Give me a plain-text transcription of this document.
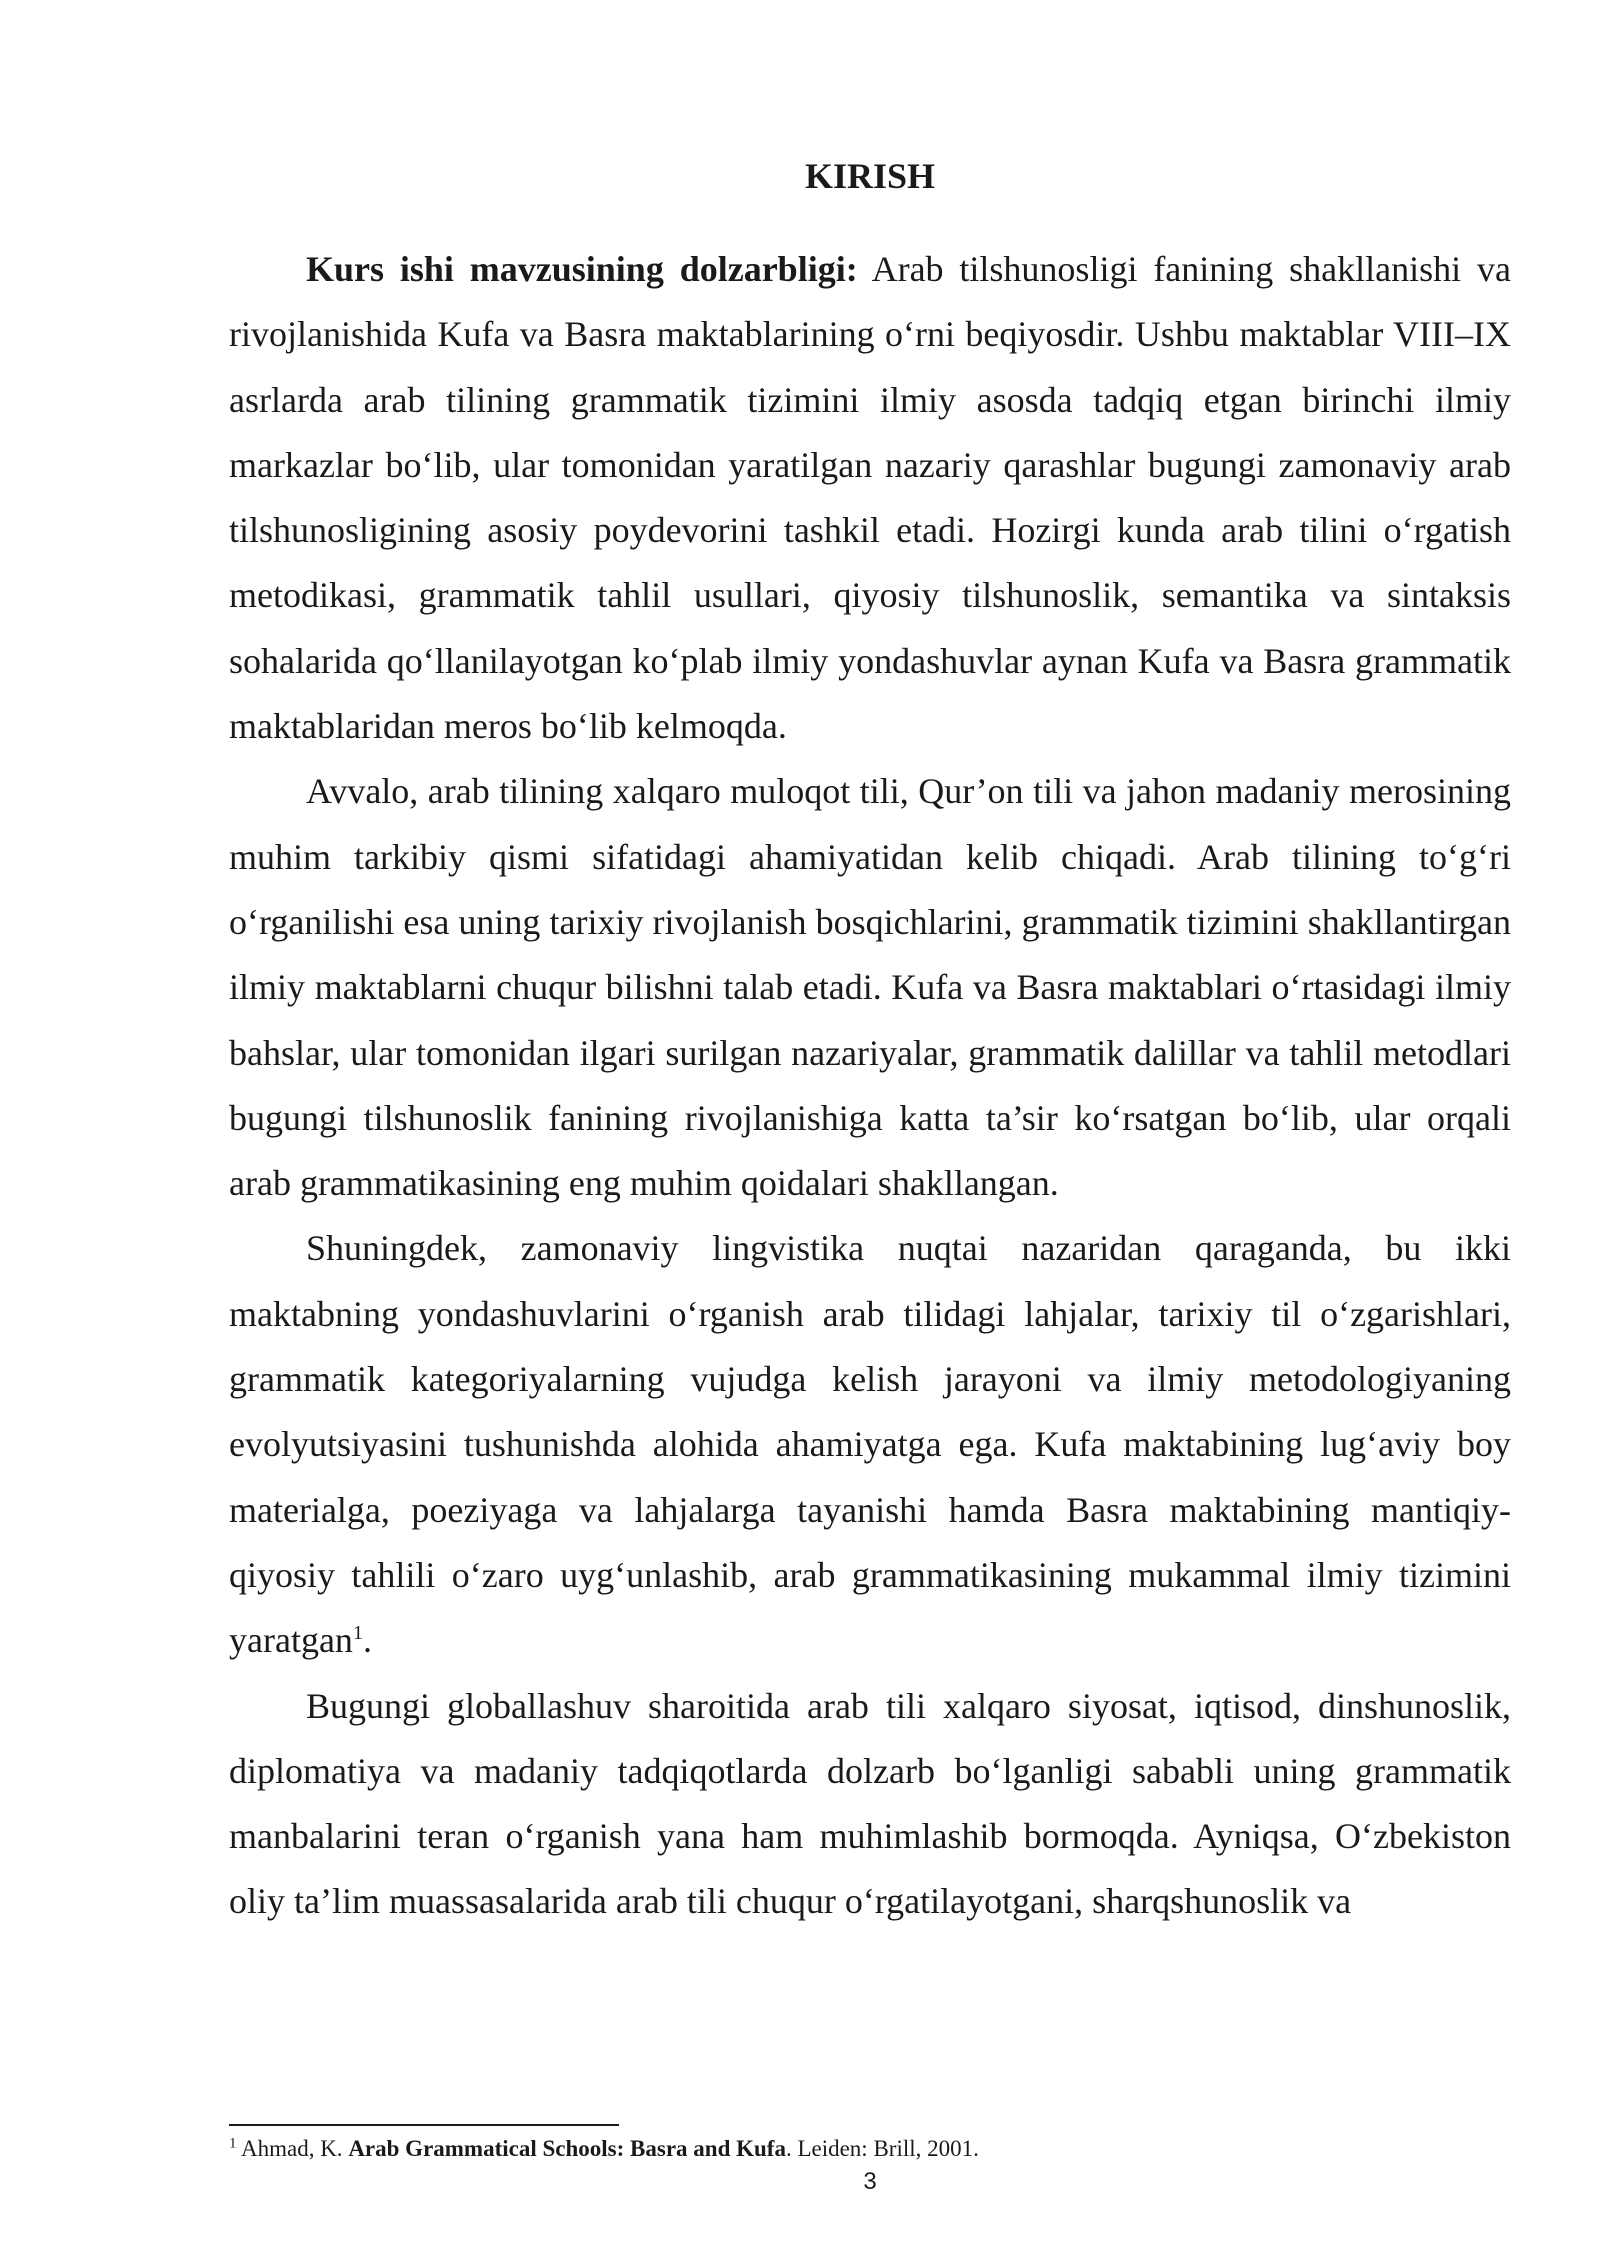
KIRISH

Kurs ishi mavzusining dolzarbligi: Arab tilshunosligi fanining shakllanishi va rivojlanishida Kufa va Basra maktablarining o‘rni beqiyosdir. Ushbu maktablar VIII–IX asrlarda arab tilining grammatik tizimini ilmiy asosda tadqiq etgan birinchi ilmiy markazlar bo‘lib, ular tomonidan yaratilgan nazariy qarashlar bugungi zamonaviy arab tilshunosligining asosiy poydevorini tashkil etadi. Hozirgi kunda arab tilini o‘rgatish metodikasi, grammatik tahlil usullari, qiyosiy tilshunoslik, semantika va sintaksis sohalarida qo‘llanilayotgan ko‘plab ilmiy yondashuvlar aynan Kufa va Basra grammatik maktablaridan meros bo‘lib kelmoqda.

Avvalo, arab tilining xalqaro muloqot tili, Qur’on tili va jahon madaniy merosining muhim tarkibiy qismi sifatidagi ahamiyatidan kelib chiqadi. Arab tilining to‘g‘ri o‘rganilishi esa uning tarixiy rivojlanish bosqichlarini, grammatik tizimini shakllantirgan ilmiy maktablarni chuqur bilishni talab etadi. Kufa va Basra maktablari o‘rtasidagi ilmiy bahslar, ular tomonidan ilgari surilgan nazariyalar, grammatik dalillar va tahlil metodlari bugungi tilshunoslik fanining rivojlanishiga katta ta’sir ko‘rsatgan bo‘lib, ular orqali arab grammatikasining eng muhim qoidalari shakllangan.

Shuningdek, zamonaviy lingvistika nuqtai nazaridan qaraganda, bu ikki maktabning yondashuvlarini o‘rganish arab tilidagi lahjalar, tarixiy til o‘zgarishlari, grammatik kategoriyalarning vujudga kelish jarayoni va ilmiy metodologiyaning evolyutsiyasini tushunishda alohida ahamiyatga ega. Kufa maktabining lug‘aviy boy materialga, poeziyaga va lahjalarga tayanishi hamda Basra maktabining mantiqiy-qiyosiy tahlili o‘zaro uyg‘unlashib, arab grammatikasining mukammal ilmiy tizimini yaratgan$^1$.

Bugungi globallashuv sharoitida arab tili xalqaro siyosat, iqtisod, dinshunoslik, diplomatiya va madaniy tadqiqotlarda dolzarb bo‘lganligi sababli uning grammatik manbalarini teran o‘rganish yana ham muhimlashib bormoqda. Ayniqsa, O‘zbekiston oliy ta’lim muassasalarida arab tili chuqur o‘rgatilayotgani, sharqshunoslik va

$^1$ Ahmad, K. Arab Grammatical Schools: Basra and Kufa. Leiden: Brill, 2001.

3
